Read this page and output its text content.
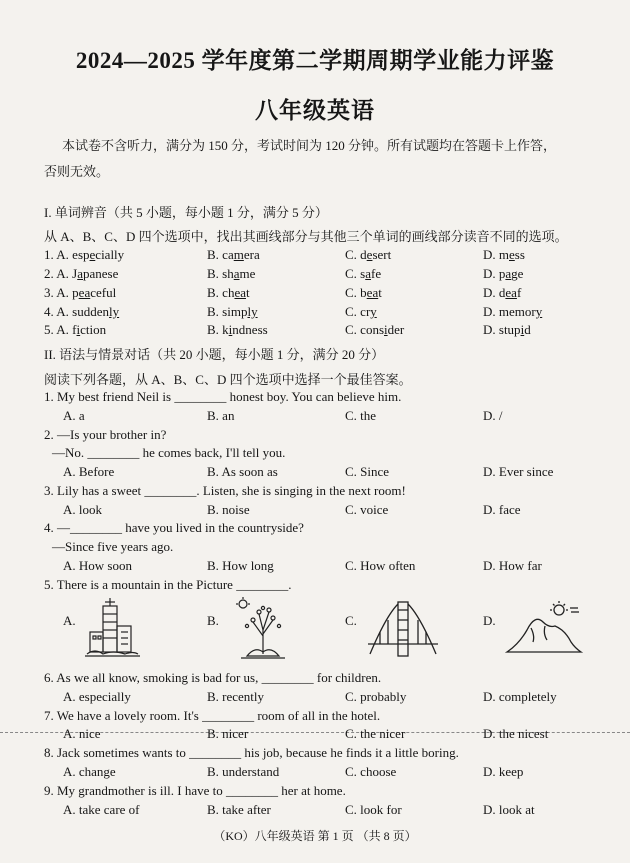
2024—2025 学年度第二学期周期学业能力评鉴
八年级英语
本试卷不含听力，满分为 150 分，考试时间为 120 分钟。所有试题均在答题卡上作答，
否则无效。
I. 单词辨音（共 5 小题，每小题 1 分，满分 5 分）
从 A、B、C、D 四个选项中，找出其画线部分与其他三个单词的画线部分读音不同的选项。
1. A. especially	B. camera	C. desert	D. mess
2. A. Japanese	B. shame	C. safe	D. page
3. A. peaceful	B. cheat	C. beat	D. deaf
4. A. suddenly	B. simply	C. cry	D. memory
5. A. fiction	B. kindness	C. consider	D. stupid
II. 语法与情景对话（共 20 小题，每小题 1 分，满分 20 分）
阅读下列各题，从 A、B、C、D 四个选项中选择一个最佳答案。
1. My best friend Neil is ________ honest boy. You can believe him.
A. a	B. an	C. the	D. /
2. —Is your brother in?
—No. ________ he comes back, I'll tell you.
A. Before	B. As soon as	C. Since	D. Ever since
3. Lily has a sweet ________. Listen, she is singing in the next room!
A. look	B. noise	C. voice	D. face
4. —________ have you lived in the countryside?
—Since five years ago.
A. How soon	B. How long	C. How often	D. How far
5. There is a mountain in the Picture ________.
A.	B.	C.	D.
6. As we all know, smoking is bad for us, ________ for children.
A. especially	B. recently	C. probably	D. completely
7. We have a lovely room. It's ________ room of all in the hotel.
A. nice	B. nicer	C. the nicer	D. the nicest
8. Jack sometimes wants to ________ his job, because he finds it a little boring.
A. change	B. understand	C. choose	D. keep
9. My grandmother is ill. I have to ________ her at home.
A. take care of	B. take after	C. look for	D. look at
（KO）八年级英语 第 1 页 （共 8 页）
